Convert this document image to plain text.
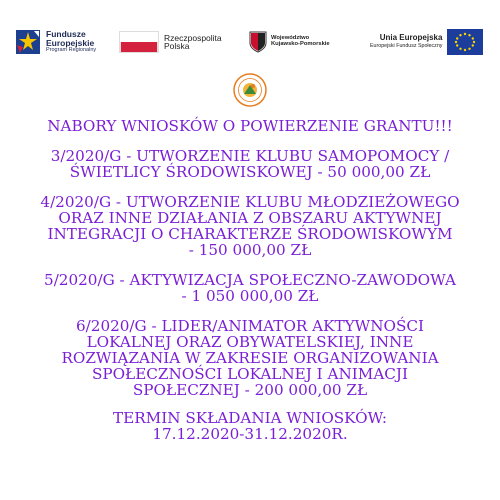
Fundusze
Europejskie
Program Regionalny
Rzeczpospolita
Polska
Województwo
Kujawsko-Pomorskie
Unia Europejska
Europejski Fundusz Społeczny

NABORY WNIOSKÓW O POWIERZENIE GRANTU!!!

3/2020/G - UTWORZENIE KLUBU SAMOPOMOCY /
ŚWIETLICY ŚRODOWISKOWEJ - 50 000,00 ZŁ

4/2020/G - UTWORZENIE KLUBU MŁODZIEŻOWEGO
ORAZ INNE DZIAŁANIA Z OBSZARU AKTYWNEJ
INTEGRACJI O CHARAKTERZE ŚRODOWISKOWYM
- 150 000,00 ZŁ

5/2020/G - AKTYWIZACJA SPOŁECZNO-ZAWODOWA
- 1 050 000,00 ZŁ

6/2020/G - LIDER/ANIMATOR AKTYWNOŚCI
LOKALNEJ ORAZ OBYWATELSKIEJ, INNE
ROZWIĄZANIA W ZAKRESIE ORGANIZOWANIA
SPOŁECZNOŚCI LOKALNEJ I ANIMACJI
SPOŁECZNEJ - 200 000,00 ZŁ

TERMIN SKŁADANIA WNIOSKÓW:
17.12.2020-31.12.2020R.
